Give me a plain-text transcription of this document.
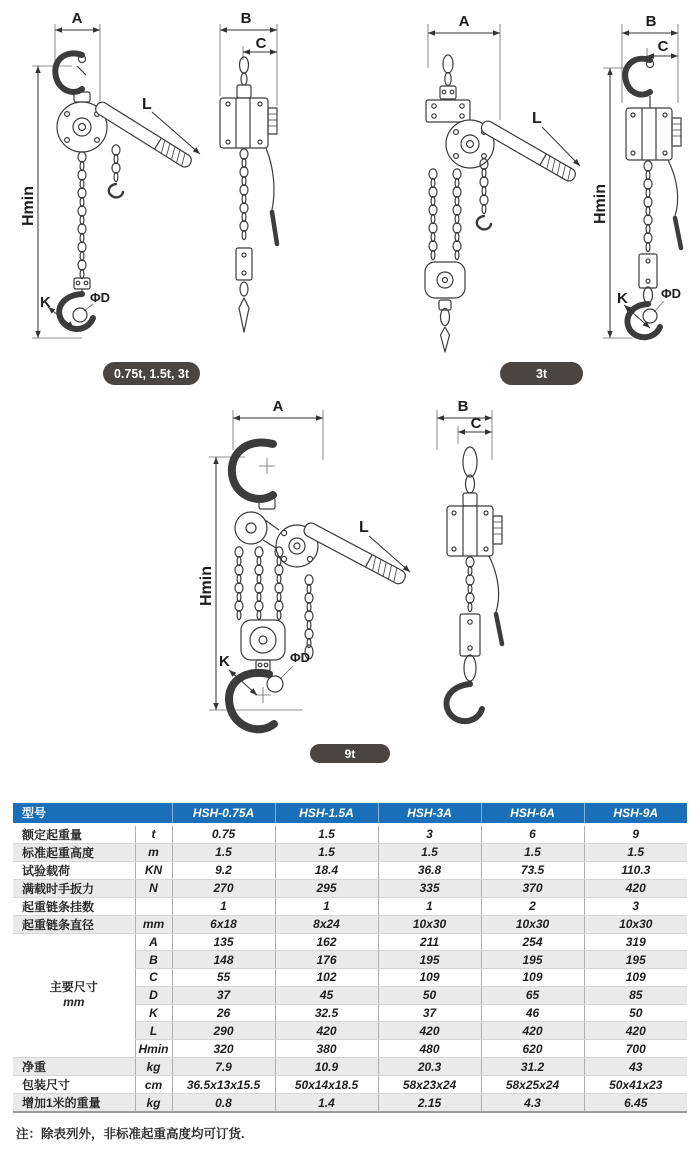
A
Hmin
L
K	ΦD
B
C
A
L
B
C
Hmin
K	ΦD
A
Hmin
L
K	ΦD
B
C
0.75t, 1.5t, 3t	3t
9t
型号		HSH-0.75A	HSH-1.5A	HSH-3A	HSH-6A	HSH-9A
额定起重量	t	0.75	1.5	3	6	9
标准起重高度	m	1.5	1.5	1.5	1.5	1.5
试验载荷	KN	9.2	18.4	36.8	73.5	110.3
满载时手扳力	N	270	295	335	370	420
起重链条挂数		1	1	1	2	3
起重链条直径	mm	6x18	8x24	10x30	10x30	10x30

主要尺寸
mm	A	135	162	211	254	319
	B	148	176	195	195	195
	C	55	102	109	109	109
	D	37	45	50	65	85
	K	26	32.5	37	46	50
	L	290	420	420	420	420
	Hmin	320	380	480	620	700
净重	kg	7.9	10.9	20.3	31.2	43
包装尺寸	cm	36.5x13x15.5	50x14x18.5	58x23x24	58x25x24	50x41x23
增加1米的重量	kg	0.8	1.4	2.15	4.3	6.45
注：除表列外，非标准起重高度均可订货.
